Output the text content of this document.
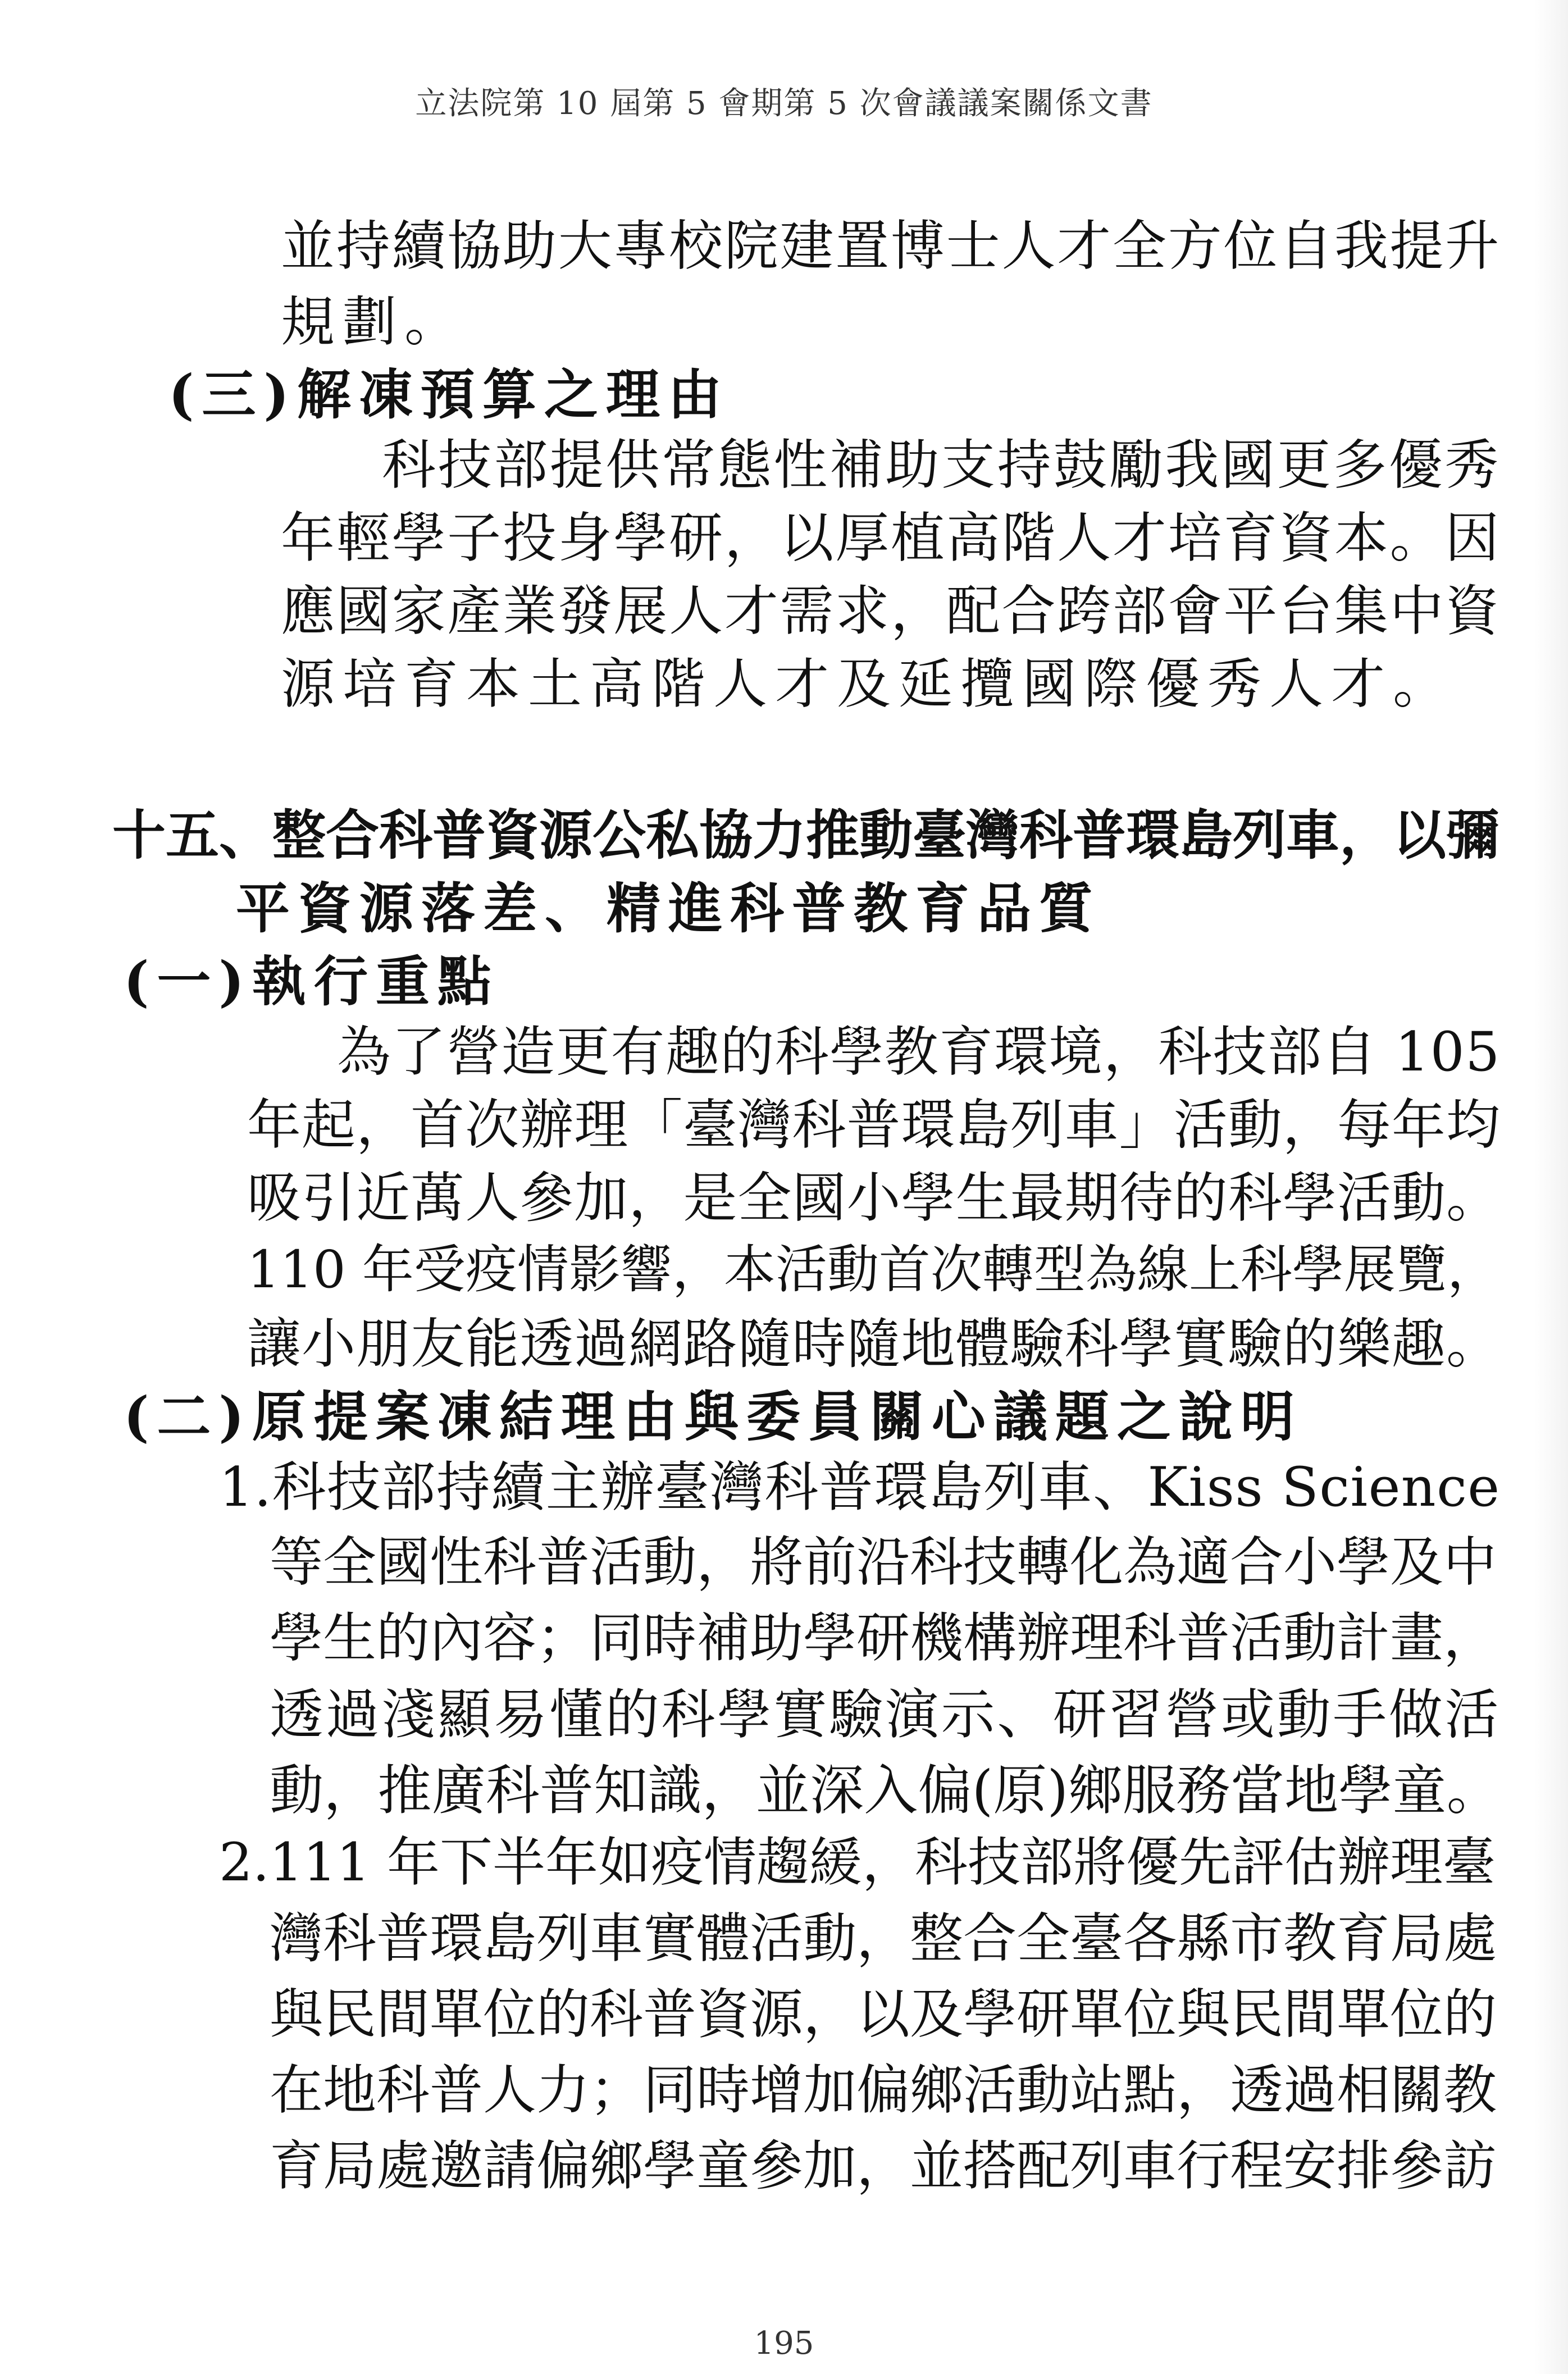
立法院第 10 屆第 5 會期第 5 次會議議案關係文書
並持續協助大專校院建置博士人才全方位自我提升
規劃。
(三)解凍預算之理由
科技部提供常態性補助支持鼓勵我國更多優秀
年輕學子投身學研，以厚植高階人才培育資本。因
應國家產業發展人才需求，配合跨部會平台集中資
源培育本土高階人才及延攬國際優秀人才。
十五、整合科普資源公私協力推動臺灣科普環島列車，以彌
平資源落差、精進科普教育品質
(一)執行重點
為了營造更有趣的科學教育環境，科技部自 105
年起，首次辦理「臺灣科普環島列車」活動，每年均
吸引近萬人參加，是全國小學生最期待的科學活動。
110 年受疫情影響，本活動首次轉型為線上科學展覽，
讓小朋友能透過網路隨時隨地體驗科學實驗的樂趣。
(二)原提案凍結理由與委員關心議題之說明
1.科技部持續主辦臺灣科普環島列車、Kiss Science
等全國性科普活動，將前沿科技轉化為適合小學及中
學生的內容；同時補助學研機構辦理科普活動計畫，
透過淺顯易懂的科學實驗演示、研習營或動手做活
動，推廣科普知識，並深入偏(原)鄉服務當地學童。
2.111 年下半年如疫情趨緩，科技部將優先評估辦理臺
灣科普環島列車實體活動，整合全臺各縣市教育局處
與民間單位的科普資源，以及學研單位與民間單位的
在地科普人力；同時增加偏鄉活動站點，透過相關教
育局處邀請偏鄉學童參加，並搭配列車行程安排參訪
195
